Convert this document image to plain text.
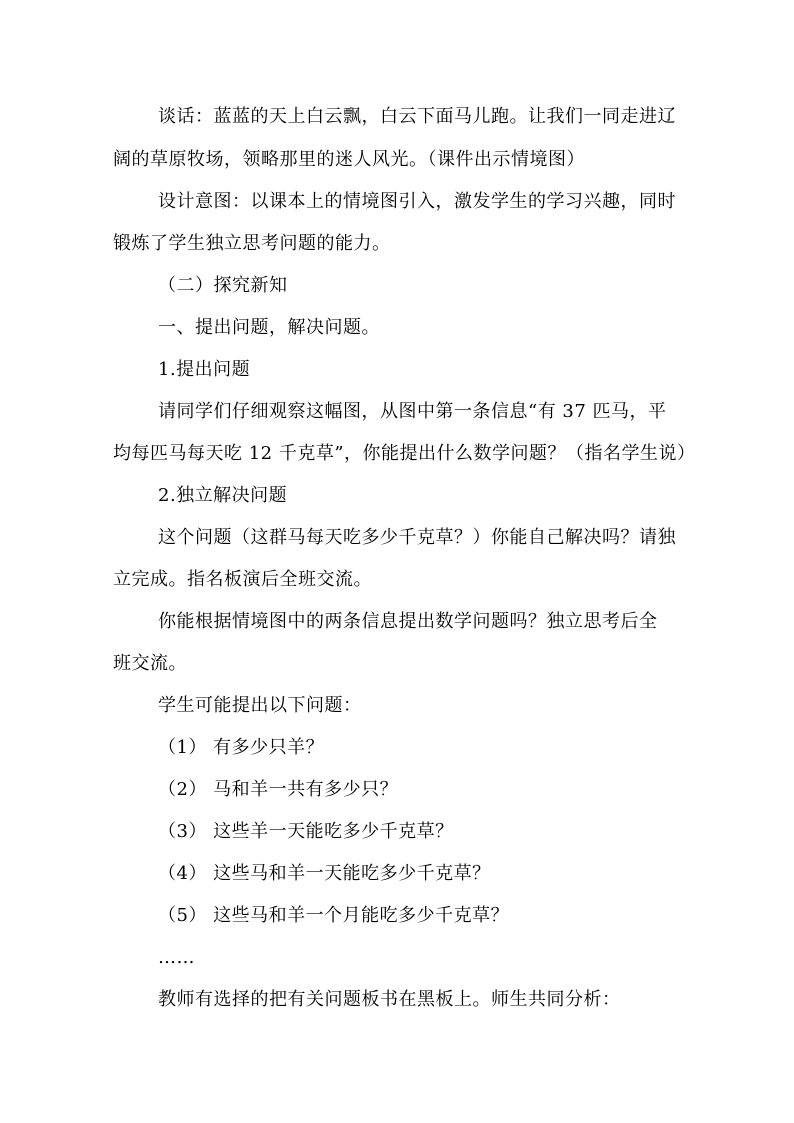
谈话：蓝蓝的天上白云飘，白云下面马儿跑。让我们一同走进辽
阔的草原牧场，领略那里的迷人风光。（课件出示情境图）
设计意图：以课本上的情境图引入，激发学生的学习兴趣，同时
锻炼了学生独立思考问题的能力。
（二）探究新知
一、提出问题，解决问题。
1.提出问题
请同学们仔细观察这幅图，从图中第一条信息“有 37 匹马，平
均每匹马每天吃 12 千克草”，你能提出什么数学问题？（指名学生说）
2.独立解决问题
这个问题（这群马每天吃多少千克草？）你能自己解决吗？请独
立完成。指名板演后全班交流。
你能根据情境图中的两条信息提出数学问题吗？独立思考后全
班交流。
学生可能提出以下问题：
（1） 有多少只羊？
（2） 马和羊一共有多少只？
（3） 这些羊一天能吃多少千克草？
（4） 这些马和羊一天能吃多少千克草？
（5） 这些马和羊一个月能吃多少千克草？
……
教师有选择的把有关问题板书在黑板上。师生共同分析：
